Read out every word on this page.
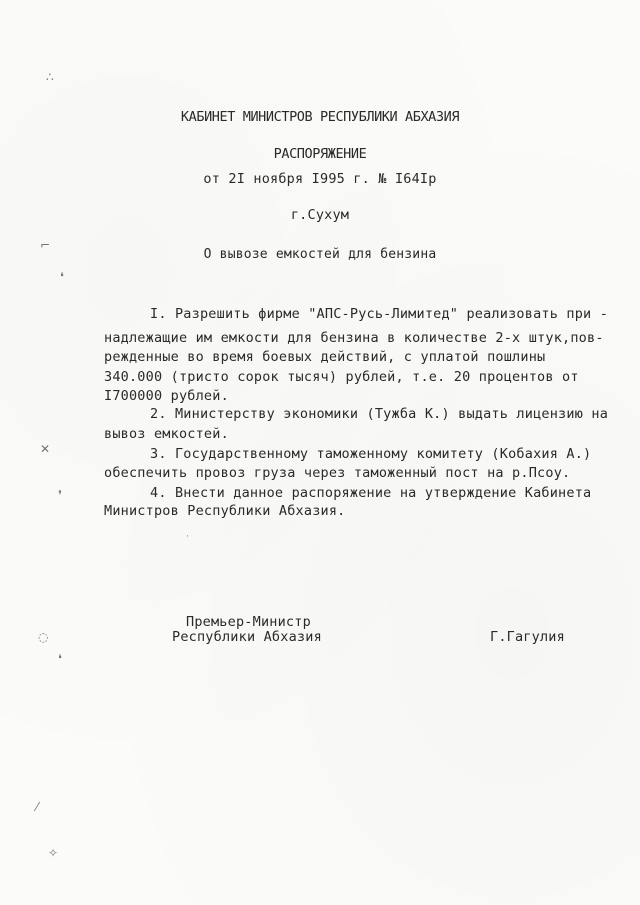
КАБИНЕТ МИНИСТРОВ РЕСПУБЛИКИ АБХАЗИЯ
РАСПОРЯЖЕНИЕ
от 2I ноября I995 г. № I64Iр
г.Сухум
О вывозе емкостей для бензина
I. Разрешить фирме "АПС-Русь-Лимитед" реализовать при -
надлежащие им емкости для бензина в количестве 2-х штук,пов-
режденные во время боевых действий, с уплатой пошлины
340.000 (тристо сорок тысяч) рублей, т.е. 20 процентов от
I700000 рублей.
2. Министерству экономики (Тужба К.) выдать лицензию на
вывоз емкостей.
3. Государственному таможенному комитету (Кобахия А.)
обеспечить провоз груза через таможенный пост на р.Псоу.
4. Внести данное распоряжение на утверждение Кабинета
Министров Республики Абхазия.
Премьер-Министр
Республики Абхазия	Г.Гагулия
∴
⌐
❛
✕
❜
·
◌
❛
⁄
✧
